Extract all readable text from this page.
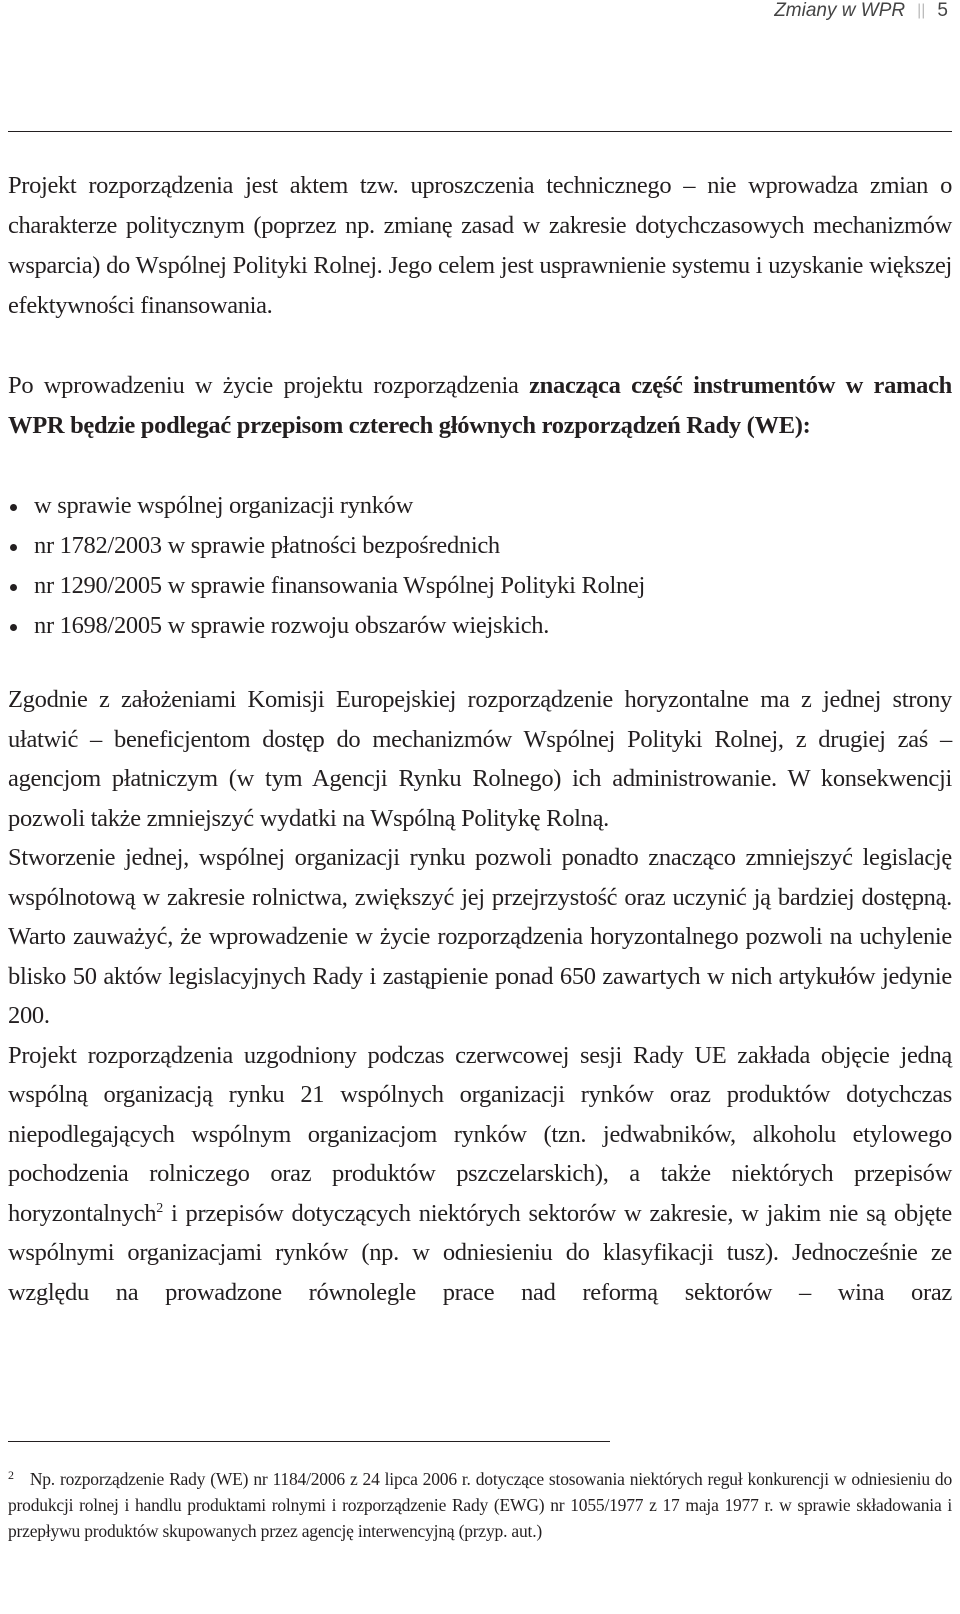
Zmiany w WPR || 5

Projekt rozporządzenia jest aktem tzw. uproszczenia technicznego – nie wprowadza zmian o charakterze politycznym (poprzez np. zmianę zasad w zakresie dotychczasowych mechanizmów wsparcia) do Wspólnej Polityki Rolnej. Jego celem jest usprawnienie systemu i uzyskanie większej efektywności finansowania.

Po wprowadzeniu w życie projektu rozporządzenia znacząca część instrumentów w ramach WPR będzie podlegać przepisom czterech głównych rozporządzeń Rady (WE):

w sprawie wspólnej organizacji rynków
nr 1782/2003 w sprawie płatności bezpośrednich
nr 1290/2005 w sprawie finansowania Wspólnej Polityki Rolnej
nr 1698/2005 w sprawie rozwoju obszarów wiejskich.
Zgodnie z założeniami Komisji Europejskiej rozporządzenie horyzontalne ma z jednej strony ułatwić – beneficjentom dostęp do mechanizmów Wspólnej Polityki Rolnej, z drugiej zaś – agencjom płatniczym (w tym Agencji Rynku Rolnego) ich administrowanie. W konsekwencji pozwoli także zmniejszyć wydatki na Wspólną Politykę Rolną.
Stworzenie jednej, wspólnej organizacji rynku pozwoli ponadto znacząco zmniejszyć legislację wspólnotową w zakresie rolnictwa, zwiększyć jej przejrzystość oraz uczynić ją bardziej dostępną. Warto zauważyć, że wprowadzenie w życie rozporządzenia horyzontalnego pozwoli na uchylenie blisko 50 aktów legislacyjnych Rady i zastąpienie ponad 650 zawartych w nich artykułów jedynie 200.
Projekt rozporządzenia uzgodniony podczas czerwcowej sesji Rady UE zakłada objęcie jedną wspólną organizacją rynku 21 wspólnych organizacji rynków oraz produktów dotychczas niepodlegających wspólnym organizacjom rynków (tzn. jedwabników, alkoholu etylowego pochodzenia rolniczego oraz produktów pszczelarskich), a także niektórych przepisów horyzontalnych$^2$ i przepisów dotyczących niektórych sektorów w zakresie, w jakim nie są objęte wspólnymi organizacjami rynków (np. w odniesieniu do klasyfikacji tusz). Jednocześnie ze względu na prowadzone równolegle prace nad reformą sektorów – wina oraz
$^2$ Np. rozporządzenie Rady (WE) nr 1184/2006 z 24 lipca 2006 r. dotyczące stosowania niektórych reguł konkurencji w odniesieniu do produkcji rolnej i handlu produktami rolnymi i rozporządzenie Rady (EWG) nr 1055/1977 z 17 maja 1977 r. w sprawie składowania i przepływu produktów skupowanych przez agencję interwencyjną (przyp. aut.)
